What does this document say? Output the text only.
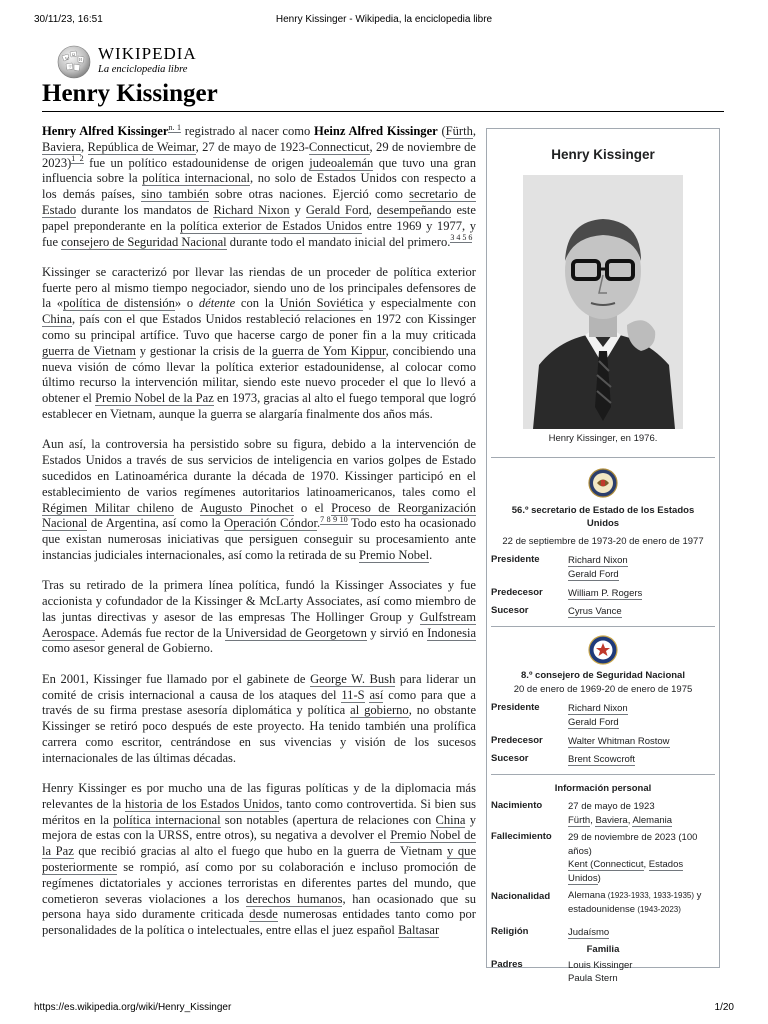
30/11/23, 16:51	Henry Kissinger - Wikipedia, la enciclopedia libre
W
Ω
И
ウ
WIKIPEDIA
La enciclopedia libre
Henry Kissinger

Henry Alfred Kissinger$^{n. 1}$ registrado al nacer como Heinz Alfred Kissinger (Fürth, Baviera, República de Weimar, 27 de mayo de 1923-Connecticut, 29 de noviembre de 2023)$^{1 2}$ fue un político estadounidense de origen judeoalemán que tuvo una gran influencia sobre la política internacional, no solo de Estados Unidos con respecto a los demás países, sino también sobre otras naciones. Ejerció como secretario de Estado durante los mandatos de Richard Nixon y Gerald Ford, desempeñando este papel preponderante en la política exterior de Estados Unidos entre 1969 y 1977, y fue consejero de Seguridad Nacional durante todo el mandato inicial del primero.$^{3 4 5 6}$

Kissinger se caracterizó por llevar las riendas de un proceder de política exterior fuerte pero al mismo tiempo negociador, siendo uno de los principales defensores de la «política de distensión» o détente con la Unión Soviética y especialmente con China, país con el que Estados Unidos restableció relaciones en 1972 con Kissinger como su principal artífice. Tuvo que hacerse cargo de poner fin a la muy criticada guerra de Vietnam y gestionar la crisis de la guerra de Yom Kippur, concibiendo una nueva visión de cómo llevar la política exterior estadounidense, al colocar como último recurso la intervención militar, siendo este nuevo proceder el que lo llevó a obtener el Premio Nobel de la Paz en 1973, gracias al alto el fuego temporal que logró establecer en Vietnam, aunque la guerra se alargaría finalmente dos años más.

Aun así, la controversia ha persistido sobre su figura, debido a la intervención de Estados Unidos a través de sus servicios de inteligencia en varios golpes de Estado sucedidos en Latinoamérica durante la década de 1970. Kissinger participó en el establecimiento de varios regímenes autoritarios latinoamericanos, tales como el Régimen Militar chileno de Augusto Pinochet o el Proceso de Reorganización Nacional de Argentina, así como la Operación Cóndor.$^{7 8 9 10}$ Todo esto ha ocasionado que existan numerosas iniciativas que persiguen conseguir su procesamiento ante instancias judiciales internacionales, así como la retirada de su Premio Nobel.

Tras su retirado de la primera línea política, fundó la Kissinger Associates y fue accionista y cofundador de la Kissinger & McLarty Associates, así como miembro de las juntas directivas y asesor de las empresas The Hollinger Group y Gulfstream Aerospace. Además fue rector de la Universidad de Georgetown y sirvió en Indonesia como asesor general de Gobierno.

En 2001, Kissinger fue llamado por el gabinete de George W. Bush para liderar un comité de crisis internacional a causa de los ataques del 11-S así como para que a través de su firma prestase asesoría diplomática y política al gobierno, no obstante Kissinger se retiró poco después de este proyecto. Ha tenido también una prolífica carrera como escritor, centrándose en sus vivencias y visión de los sucesos internacionales de las últimas décadas.

Henry Kissinger es por mucho una de las figuras políticas y de la diplomacia más relevantes de la historia de los Estados Unidos, tanto como controvertida. Si bien sus méritos en la política internacional son notables (apertura de relaciones con China y mejora de estas con la URSS, entre otros), su negativa a devolver el Premio Nobel de la Paz que recibió gracias al alto el fuego que hubo en la guerra de Vietnam y que posteriormente se rompió, así como por su colaboración e incluso promoción de regímenes dictatoriales y acciones terroristas en diferentes partes del mundo, que cometieron severas violaciones a los derechos humanos, han ocasionado que su persona haya sido duramente criticada desde numerosas entidades tanto como por personalidades de la política o intelectuales, entre ellas el juez español Baltasar

Henry Kissinger
Henry Kissinger, en 1976.
56.º secretario de Estado de los Estados Unidos
22 de septiembre de 1973-20 de enero de 1977
Presidente	Richard Nixon
Gerald Ford
Predecesor	William P. Rogers
Sucesor	Cyrus Vance
8.º consejero de Seguridad Nacional
20 de enero de 1969-20 de enero de 1975
Presidente	Richard Nixon
Gerald Ford
Predecesor	Walter Whitman Rostow
Sucesor	Brent Scowcroft
Información personal
Nacimiento	27 de mayo de 1923
Fürth, Baviera, Alemania
Fallecimiento	29 de noviembre de 2023 (100 años)
Kent (Connecticut, Estados Unidos)
Nacionalidad	Alemana (1923-1933, 1933-1935) y estadounidense (1943-2023)
Religión	Judaísmo
Familia
Padres	Louis Kissinger
Paula Stern
https://es.wikipedia.org/wiki/Henry_Kissinger	1/20
